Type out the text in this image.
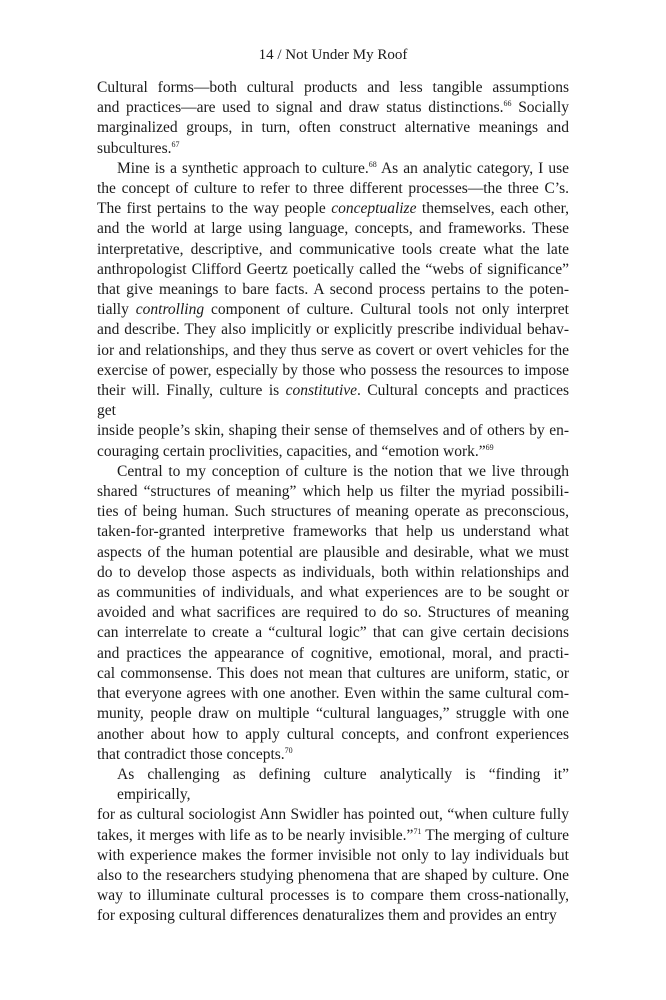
14 / Not Under My Roof
Cultural forms—both cultural products and less tangible assumptions
and practices—are used to signal and draw status distinctions.$^{66}$ Socially
marginalized groups, in turn, often construct alternative meanings and
subcultures.$^{67}$
Mine is a synthetic approach to culture.$^{68}$ As an analytic category, I use
the concept of culture to refer to three different processes—the three C’s.
The first pertains to the way people conceptualize themselves, each other,
and the world at large using language, concepts, and frameworks. These
interpretative, descriptive, and communicative tools create what the late
anthropologist Clifford Geertz poetically called the “webs of significance”
that give meanings to bare facts. A second process pertains to the poten-
tially controlling component of culture. Cultural tools not only interpret
and describe. They also implicitly or explicitly prescribe individual behav-
ior and relationships, and they thus serve as covert or overt vehicles for the
exercise of power, especially by those who possess the resources to impose
their will. Finally, culture is constitutive. Cultural concepts and practices get
inside people’s skin, shaping their sense of themselves and of others by en-
couraging certain proclivities, capacities, and “emotion work.”$^{69}$
Central to my conception of culture is the notion that we live through
shared “structures of meaning” which help us filter the myriad possibili-
ties of being human. Such structures of meaning operate as preconscious,
taken-for-granted interpretive frameworks that help us understand what
aspects of the human potential are plausible and desirable, what we must
do to develop those aspects as individuals, both within relationships and
as communities of individuals, and what experiences are to be sought or
avoided and what sacrifices are required to do so. Structures of meaning
can interrelate to create a “cultural logic” that can give certain decisions
and practices the appearance of cognitive, emotional, moral, and practi-
cal commonsense. This does not mean that cultures are uniform, static, or
that everyone agrees with one another. Even within the same cultural com-
munity, people draw on multiple “cultural languages,” struggle with one
another about how to apply cultural concepts, and confront experiences
that contradict those concepts.$^{70}$
As challenging as defining culture analytically is “finding it” empirically,
for as cultural sociologist Ann Swidler has pointed out, “when culture fully
takes, it merges with life as to be nearly invisible.”$^{71}$ The merging of culture
with experience makes the former invisible not only to lay individuals but
also to the researchers studying phenomena that are shaped by culture. One
way to illuminate cultural processes is to compare them cross-nationally,
for exposing cultural differences denaturalizes them and provides an entry
